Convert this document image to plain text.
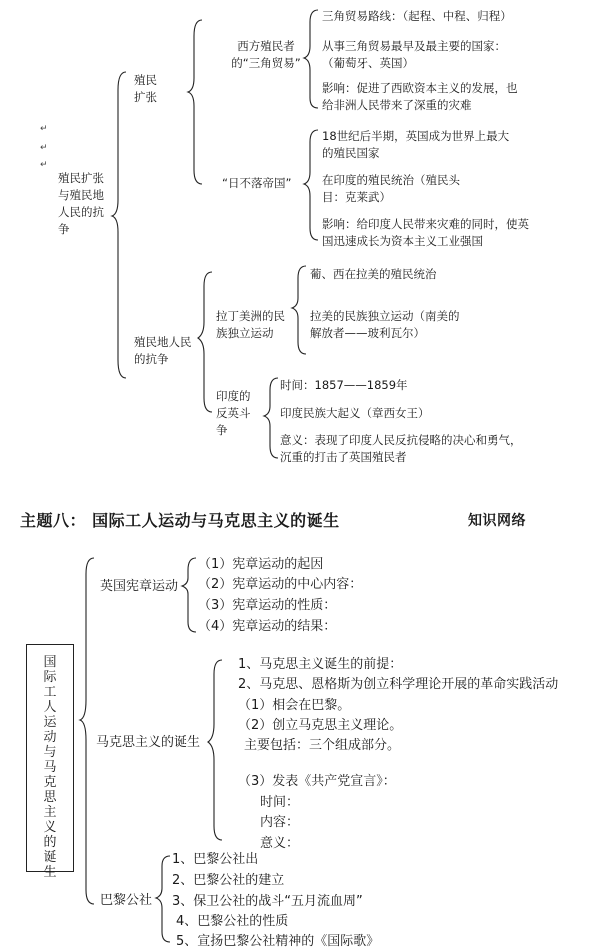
↵
↵
↵
殖民扩张与殖民地人民的抗争
殖民扩张
西方殖民者的“三角贸易”
三角贸易路线：（起程、中程、归程）
从事三角贸易最早及最主要的国家：（葡萄牙、英国）
影响：促进了西欧资本主义的发展，也给非洲人民带来了深重的灾难
“日不落帝国”
18世纪后半期，英国成为世界上最大的殖民国家
在印度的殖民统治（殖民头目：克莱武）
影响：给印度人民带来灾难的同时，使英国迅速成长为资本主义工业强国
殖民地人民的抗争
拉丁美洲的民族独立运动
葡、西在拉美的殖民统治
拉美的民族独立运动（南美的解放者——玻利瓦尔）
印度的反英斗争
时间：1857——1859年
印度民族大起义（章西女王）
意义：表现了印度人民反抗侵略的决心和勇气，沉重的打击了英国殖民者
主题八： 国际工人运动与马克思主义的诞生	知识网络
国际工人运动与马克思主义的诞生
英国宪章运动
（1）宪章运动的起因
（2）宪章运动的中心内容：
（3）宪章运动的性质：
（4）宪章运动的结果：
马克思主义的诞生
1、马克思主义诞生的前提：
2、马克思、恩格斯为创立科学理论开展的革命实践活动
（1）相会在巴黎。
（2）创立马克思主义理论。
主要包括：三个组成部分。
（3）发表《共产党宣言》：
时间：
内容：
意义：
巴黎公社
1、巴黎公社出
2、巴黎公社的建立
3、保卫公社的战斗“五月流血周”
4、巴黎公社的性质
5、宣扬巴黎公社精神的《国际歌》
